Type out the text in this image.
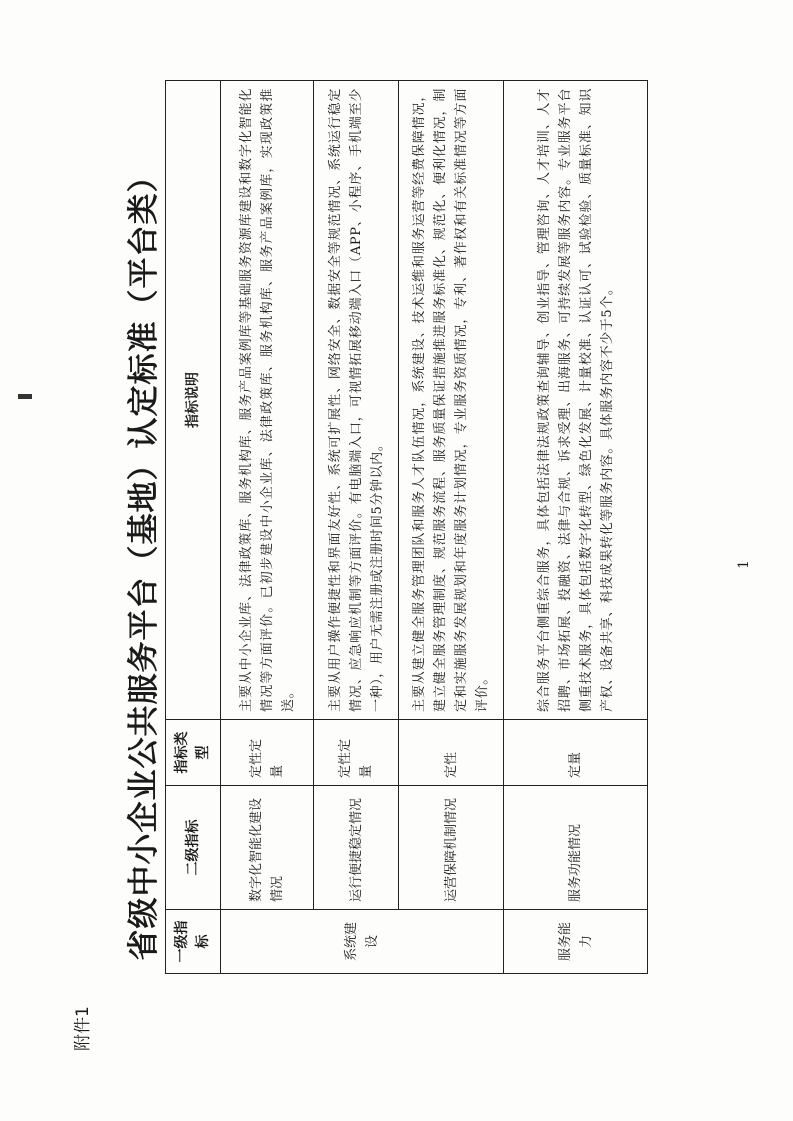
附件1
省级中小企业公共服务平台（基地）认定标准（平台类） 一级指标	二级指标	指标类型	指标说明
系统建设	数字化智能化建设情况	定性定量	主要从中小企业库、法律政策库、服务机构库、服务产品案例库等基础服务资源库建设和数字化智能化情况等方面评价。已初步建设中小企业库、法律政策库、服务机构库、服务产品案例库，实现政策推送。
	运行便捷稳定情况	定性定量	主要从用户操作便捷性和界面友好性、系统可扩展性、网络安全、数据安全等规范情况、系统运行稳定情况、应急响应机制等方面评价。有电脑端入口，可视情拓展移动端入口（APP、小程序、手机端至少一种），用户无需注册或注册时间5分钟以内。
	运营保障机制情况	定性	主要从建立健全服务管理团队和服务人才队伍情况，系统建设、技术运维和服务运营等经费保障情况，建立健全服务管理制度、规范服务流程、服务质量保证措施推进服务标准化、规范化、便利化情况，制定和实施服务发展规划和年度服务计划情况，专业服务资质情况，专利、著作权和有关标准情况等方面评价。
服务能力	服务功能情况	定量	综合服务平台侧重综合服务，具体包括法律法规政策查询辅导、创业指导、管理咨询、人才培训、人才招聘、市场拓展、投融资、法律与合规、诉求受理、出海服务、可持续发展等服务内容。专业服务平台侧重技术服务，具体包括数字化转型、绿色化发展、计量校准、认证认可、试验检验、质量标准、知识产权、设备共享、科技成果转化等服务内容。具体服务内容不少于5个。	1
